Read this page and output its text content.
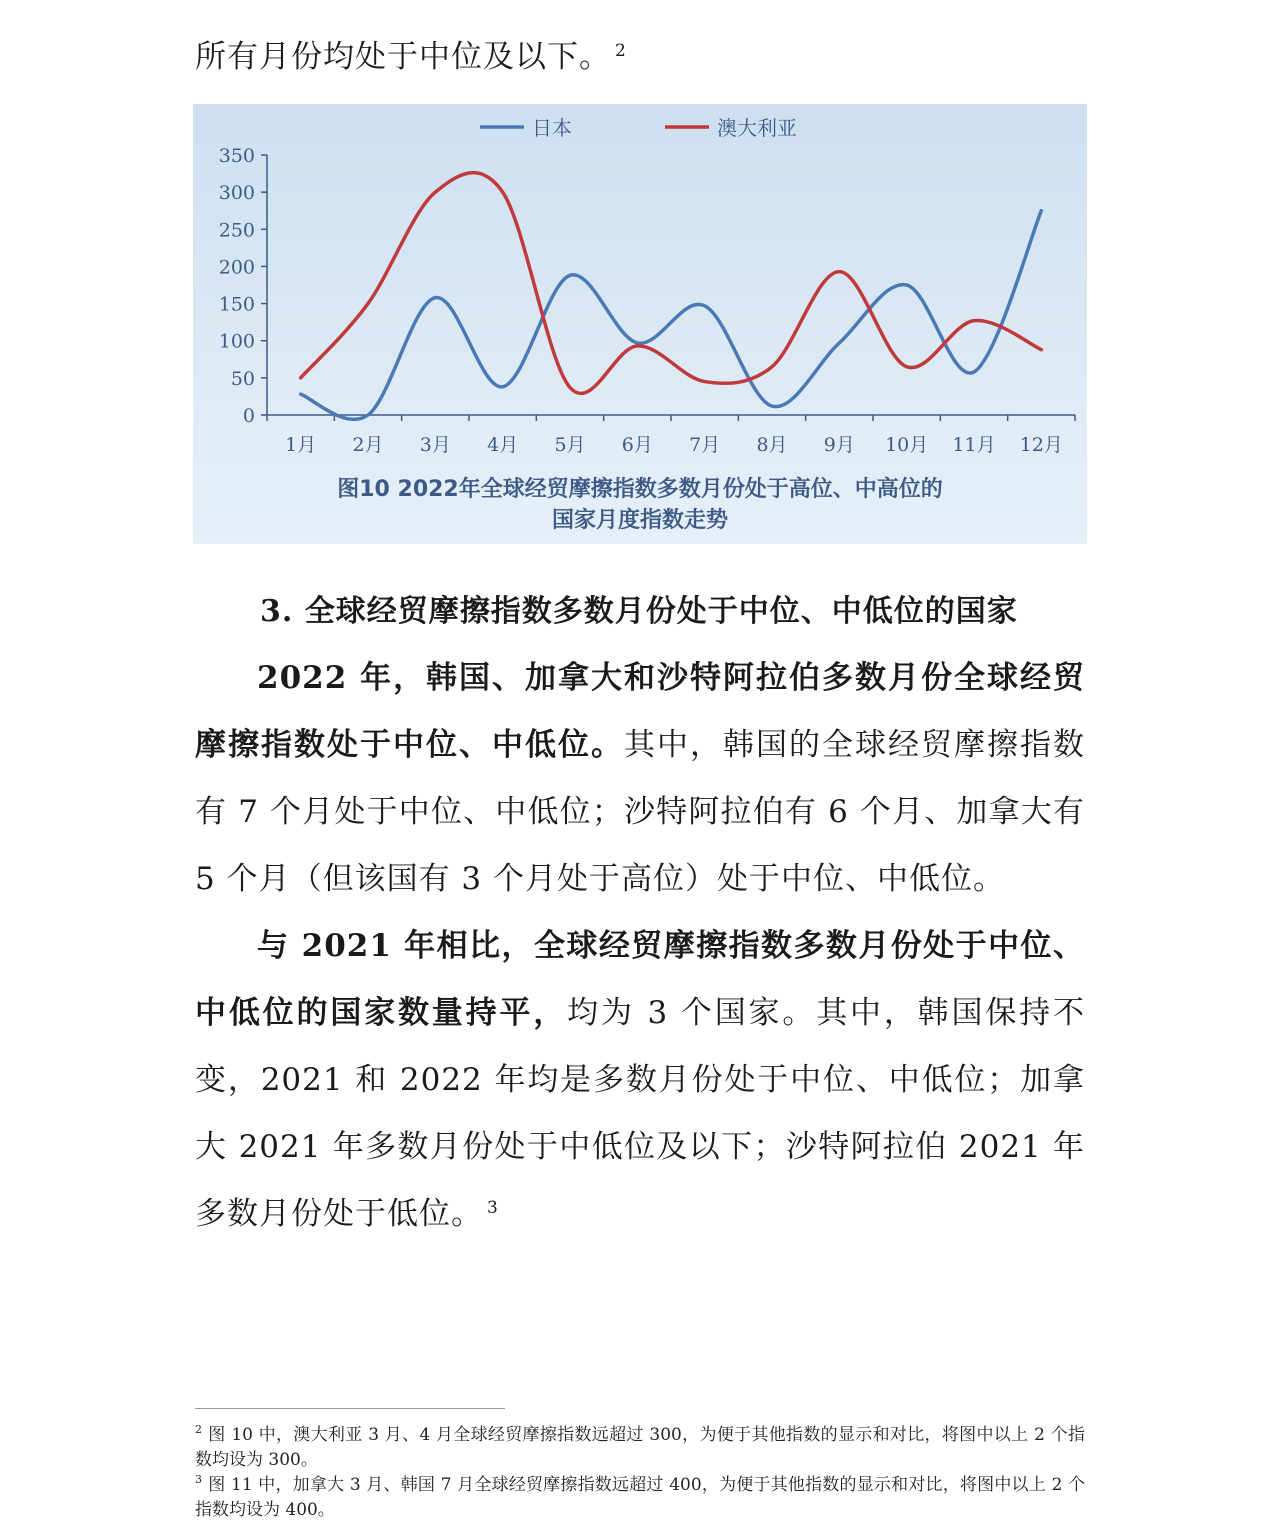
所有月份均处于中位及以下。 $^2$

0
50
100
150
200
250
300
350
1月 2月 3月 4月 5月 6月 7月 8月 9月 10月 11月 12月
日本	澳大利亚
图10 2022年全球经贸摩擦指数多数月份处于高位、中高位的
国家月度指数走势
3. 全球经贸摩擦指数多数月份处于中位、中低位的国家

2022 年，韩国、加拿大和沙特阿拉伯多数月份全球经贸摩擦指数处于中位、中低位。其中，韩国的全球经贸摩擦指数有 7 个月处于中位、中低位；沙特阿拉伯有 6 个月、加拿大有 5 个月（但该国有 3 个月处于高位）处于中位、中低位。

与 2021 年相比，全球经贸摩擦指数多数月份处于中位、中低位的国家数量持平，均为 3 个国家。其中，韩国保持不变，2021 和 2022 年均是多数月份处于中位、中低位；加拿大 2021 年多数月份处于中低位及以下；沙特阿拉伯 2021 年多数月份处于低位。 $^3$

$^2$ 图 10 中，澳大利亚 3 月、4 月全球经贸摩擦指数远超过 300，为便于其他指数的显示和对比，将图中以上 2 个指数均设为 300。

$^3$ 图 11 中，加拿大 3 月、韩国 7 月全球经贸摩擦指数远超过 400，为便于其他指数的显示和对比，将图中以上 2 个指数均设为 400。
